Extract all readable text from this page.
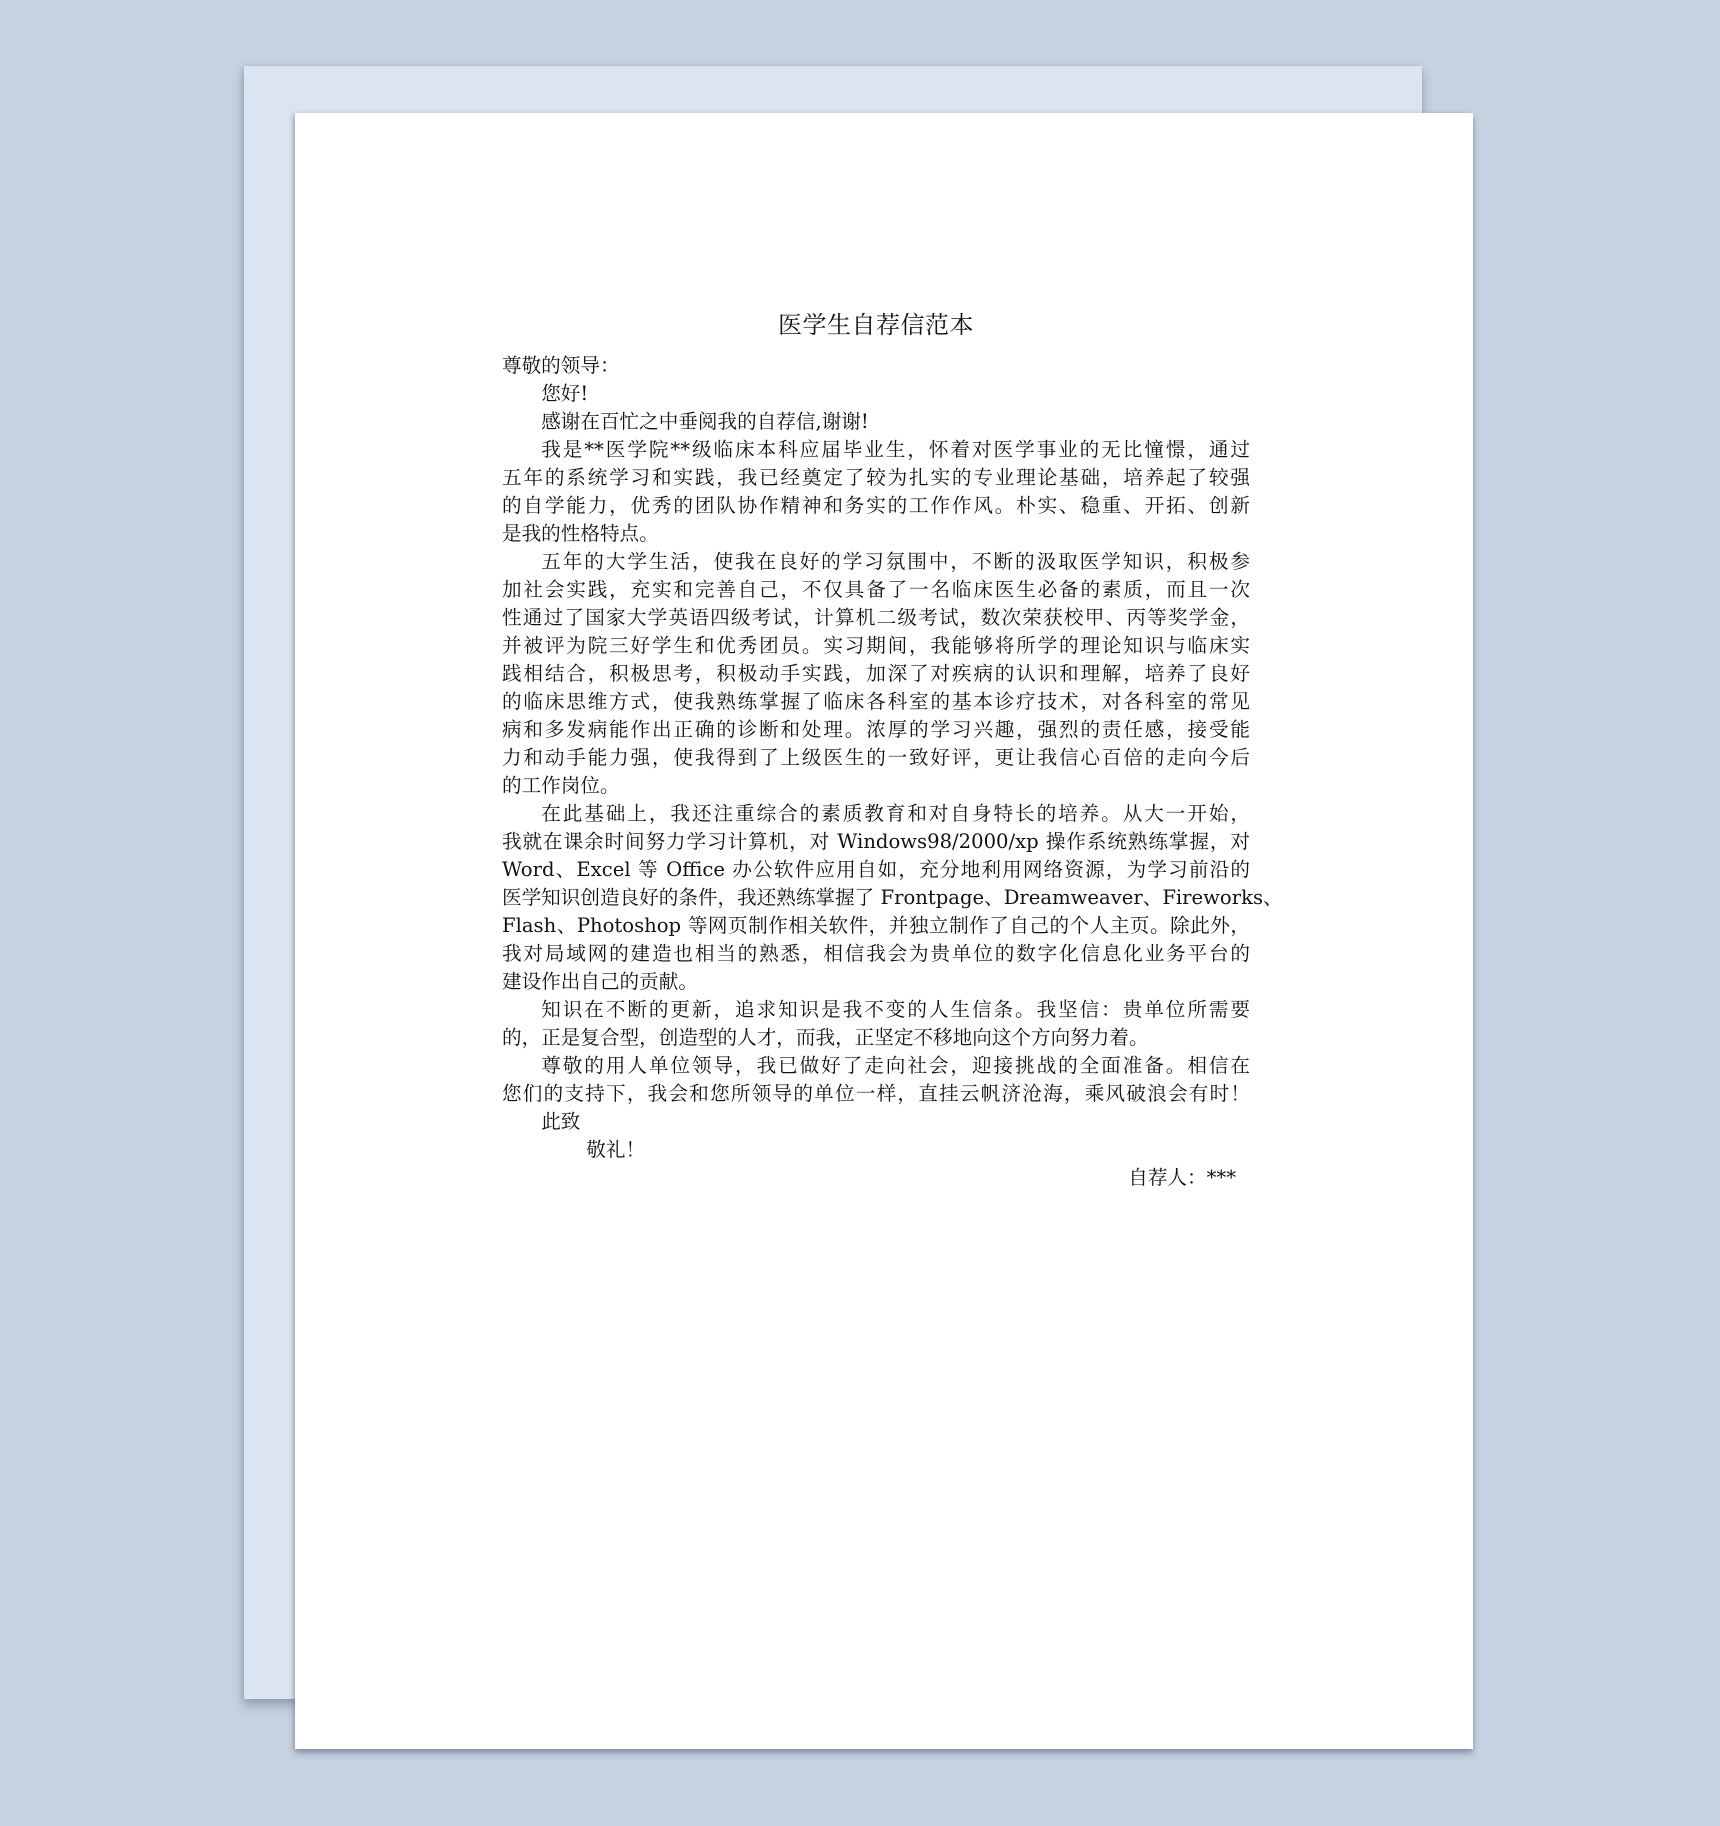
医学生自荐信范本
尊敬的领导：
您好!
感谢在百忙之中垂阅我的自荐信,谢谢!
我是**医学院**级临床本科应届毕业生，怀着对医学事业的无比憧憬，通过
五年的系统学习和实践，我已经奠定了较为扎实的专业理论基础，培养起了较强
的自学能力，优秀的团队协作精神和务实的工作作风。朴实、稳重、开拓、创新
是我的性格特点。
五年的大学生活，使我在良好的学习氛围中，不断的汲取医学知识，积极参
加社会实践，充实和完善自己，不仅具备了一名临床医生必备的素质，而且一次
性通过了国家大学英语四级考试，计算机二级考试，数次荣获校甲、丙等奖学金，
并被评为院三好学生和优秀团员。实习期间，我能够将所学的理论知识与临床实
践相结合，积极思考，积极动手实践，加深了对疾病的认识和理解，培养了良好
的临床思维方式，使我熟练掌握了临床各科室的基本诊疗技术，对各科室的常见
病和多发病能作出正确的诊断和处理。浓厚的学习兴趣，强烈的责任感，接受能
力和动手能力强，使我得到了上级医生的一致好评，更让我信心百倍的走向今后
的工作岗位。
在此基础上，我还注重综合的素质教育和对自身特长的培养。从大一开始，
我就在课余时间努力学习计算机，对 Windows98/2000/xp 操作系统熟练掌握，对
Word、Excel 等 Office 办公软件应用自如，充分地利用网络资源，为学习前沿的
医学知识创造良好的条件，我还熟练掌握了 Frontpage、Dreamweaver、Fireworks、
Flash、Photoshop 等网页制作相关软件，并独立制作了自己的个人主页。除此外，
我对局域网的建造也相当的熟悉，相信我会为贵单位的数字化信息化业务平台的
建设作出自己的贡献。
知识在不断的更新，追求知识是我不变的人生信条。我坚信：贵单位所需要
的，正是复合型，创造型的人才，而我，正坚定不移地向这个方向努力着。
尊敬的用人单位领导，我已做好了走向社会，迎接挑战的全面准备。相信在
您们的支持下，我会和您所领导的单位一样，直挂云帆济沧海，乘风破浪会有时！
此致
敬礼！
自荐人：***
